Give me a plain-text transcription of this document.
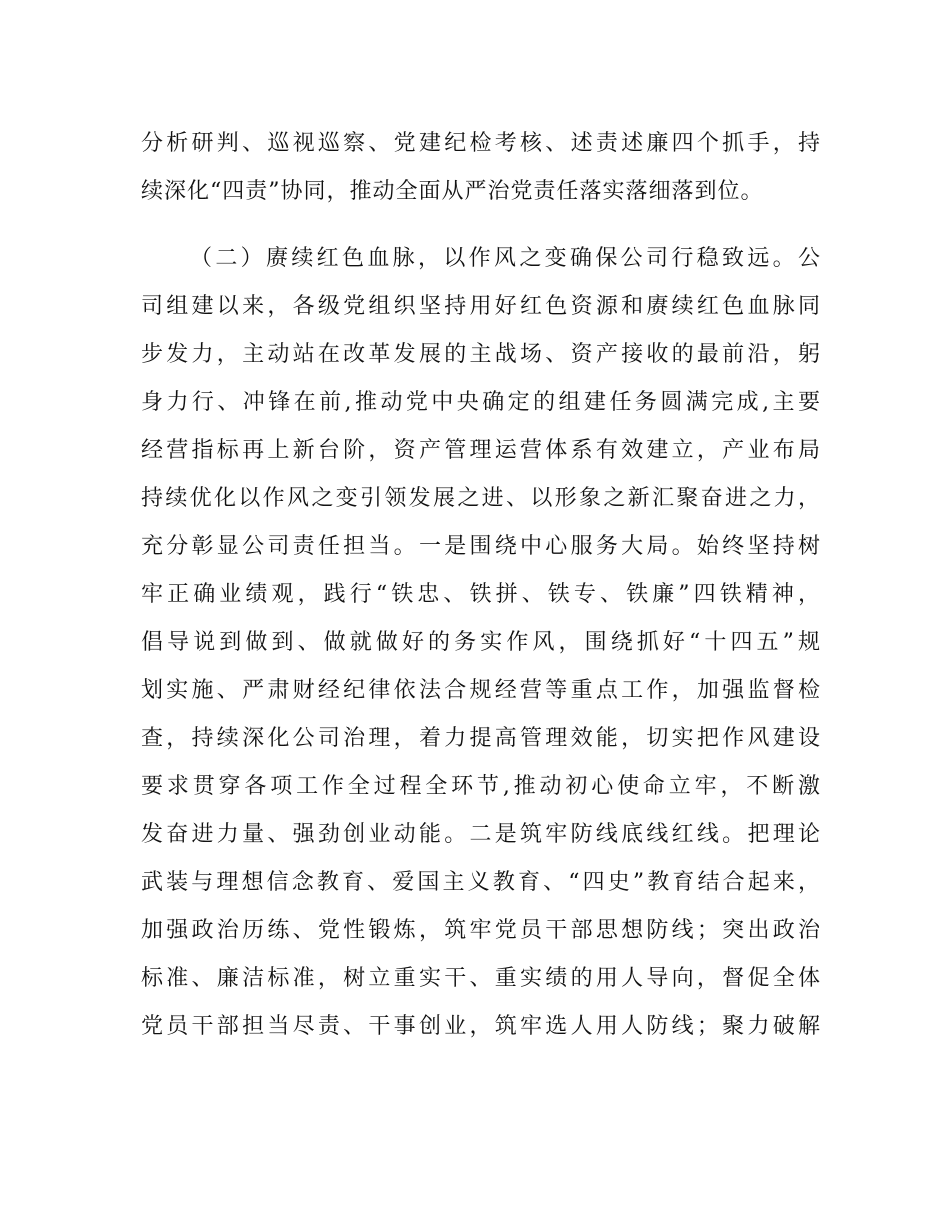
分析研判、巡视巡察、党建纪检考核、述责述廉四个抓手，持
续深化“四责”协同，推动全面从严治党责任落实落细落到位。
（二）赓续红色血脉，以作风之变确保公司行稳致远。公
司组建以来，各级党组织坚持用好红色资源和赓续红色血脉同
步发力，主动站在改革发展的主战场、资产接收的最前沿，躬
身力行、冲锋在前,推动党中央确定的组建任务圆满完成,主要
经营指标再上新台阶，资产管理运营体系有效建立，产业布局
持续优化以作风之变引领发展之进、以形象之新汇聚奋进之力，
充分彰显公司责任担当。一是围绕中心服务大局。始终坚持树
牢正确业绩观，践行“铁忠、铁拼、铁专、铁廉”四铁精神，
倡导说到做到、做就做好的务实作风，围绕抓好“十四五”规
划实施、严肃财经纪律依法合规经营等重点工作，加强监督检
查，持续深化公司治理，着力提高管理效能，切实把作风建设
要求贯穿各项工作全过程全环节,推动初心使命立牢，不断激
发奋进力量、强劲创业动能。二是筑牢防线底线红线。把理论
武装与理想信念教育、爱国主义教育、“四史”教育结合起来，
加强政治历练、党性锻炼，筑牢党员干部思想防线；突出政治
标准、廉洁标准，树立重实干、重实绩的用人导向，督促全体
党员干部担当尽责、干事创业，筑牢选人用人防线；聚力破解
